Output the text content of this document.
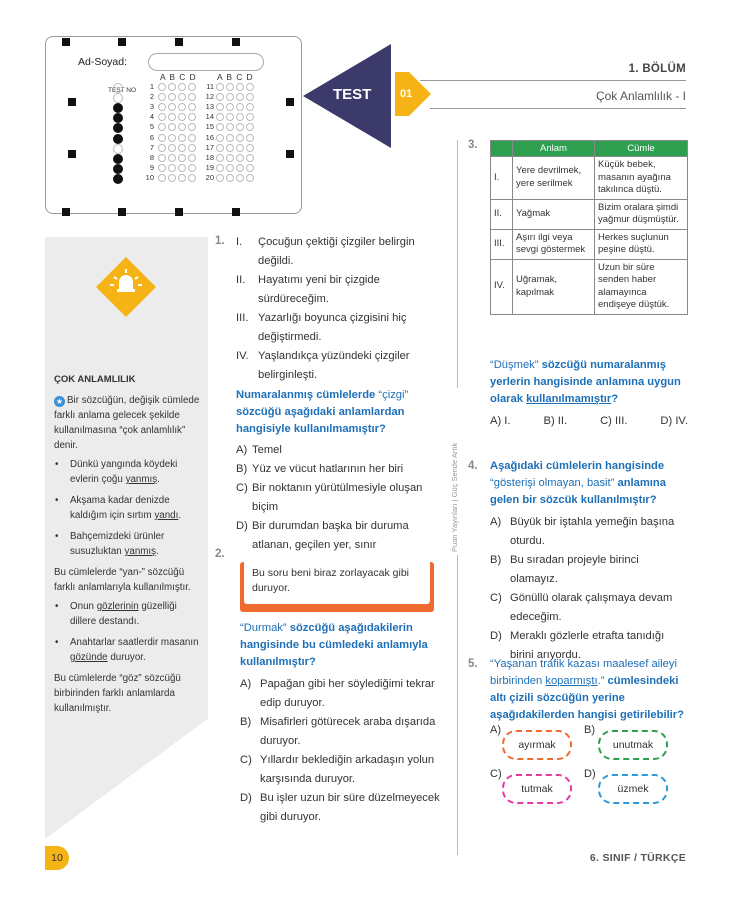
Ad-Soyad:
A B C D A B C D
TEST NO	1
2
3
4
5
6
7
8
9
10
11
12
13
14
15
16
17
18
19
20
TEST	01
1. BÖLÜM
Çok Anlamlılık - I
ÇOK ANLAMLILIK

★ Bir sözcüğün, değişik cümlede farklı anlama gelecek şekilde kullanılmasına “çok anlamlılık” denir.

• Dünkü yangında köydeki evlerin çoğu yanmış.
• Akşama kadar denizde kaldığım için sırtım yandı.
• Bahçemizdeki ürünler susuzluktan yanmış.

Bu cümlelerde “yan-” sözcüğü farklı anlamlarıyla kullanılmıştır.

• Onun gözlerinin güzelliği dillere destandı.
• Anahtarlar saatlerdir masanın gözünde duruyor.

Bu cümlelerde “göz” sözcüğü birbirinden farklı anlamlarda kullanılmıştır.

1. I.	Çocuğun çektiği çizgiler belirgin değildi.
II.	Hayatımı yeni bir çizgide sürdüreceğim.
III. Yazarlığı boyunca çizgisini hiç değiştirmedi.
IV. Yaşlandıkça yüzündeki çizgiler belirginleşti.
Numaralanmış cümlelerde “çizgi” sözcüğü aşağıdaki anlamlardan hangisiyle kullanılmamıştır?
A) Temel
B) Yüz ve vücut hatlarının her biri
C) Bir noktanın yürütülmesiyle oluşan biçim
D) Bir durumdan başka bir duruma atlanan, geçilen yer, sınır
2.
Bu soru beni biraz zorlayacak gibi duruyor.
“Durmak” sözcüğü aşağıdakilerin hangisinde bu cümledeki anlamıyla kullanılmıştır?
A) Papağan gibi her söylediğimi tekrar edip duruyor.
B) Misafirleri götürecek araba dışarıda duruyor.
C) Yıllardır beklediğin arkadaşın yolun karşısında duruyor.
D) Bu işler uzun bir süre düzelmeyecek gibi duruyor.
Puan Yayınları | Güç Sende Artık
3.
		Anlam	Cümle
I.	Yere devrilmek, yere serilmek	Küçük bebek, masanın ayağına takılınca düştü.
II.	Yağmak	Bizim oralara şimdi yağmur düşmüştür.
III.	Aşırı ilgi veya sevgi göstermek	Herkes suçlunun peşine düştü.
IV.	Uğramak, kapılmak	Uzun bir süre senden haber alamayınca endişeye düştük.
“Düşmek” sözcüğü numaralanmış yerlerin hangisinde anlamına uygun olarak kullanılmamıştır?
A) I.	B) II.	C) III.	D) IV.
4. Aşağıdaki cümlelerin hangisinde “gösterişi olmayan, basit” anlamına gelen bir sözcük kullanılmıştır?
A) Büyük bir iştahla yemeğin başına oturdu.
B) Bu sıradan projeyle birinci olamayız.
C) Gönüllü olarak çalışmaya devam edeceğim.
D) Meraklı gözlerle etrafta tanıdığı birini arıyordu.
5. “Yaşanan trafik kazası maalesef aileyi birbirinden koparmıştı.” cümlesindeki altı çizili sözcüğün yerine aşağıdakilerden hangisi getirilebilir?
A)
ayırmak
B)
unutmak
C)
tutmak
D)
üzmek
10	6. SINIF / TÜRKÇE
